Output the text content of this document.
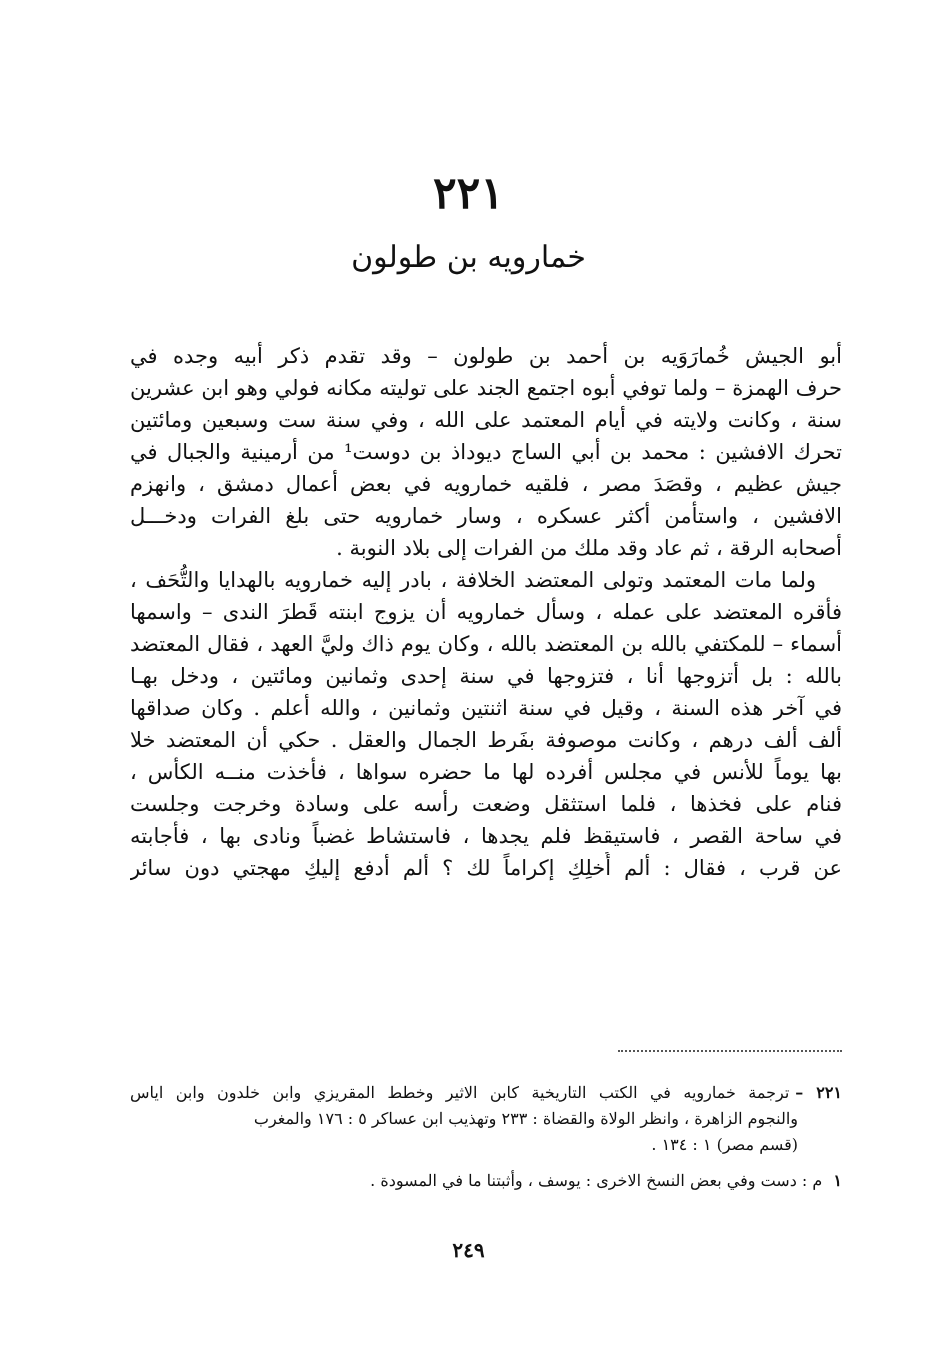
٢٢١
خمارويه بن طولون
أبو الجيش خُمارَوَيه بن أحمد بن طولون – وقد تقدم ذكر أبيه وجده في
حرف الهمزة – ولما توفي أبوه اجتمع الجند على توليته مكانه فولي وهو ابن عشرين
سنة ، وكانت ولايته في أيام المعتمد على الله ، وفي سنة ست وسبعين ومائتين
تحرك الافشين : محمد بن أبي الساج ديوداذ بن دوست¹ من أرمينية والجبال في
جيش عظيم ، وقصَدَ مصر ، فلقيه خمارويه في بعض أعمال دمشق ، وانهزم
الافشين ، واستأمن أكثر عسكره ، وسار خمارويه حتى بلغ الفرات ودخـــل
أصحابه الرقة ، ثم عاد وقد ملك من الفرات إلى بلاد النوبة .
ولما مات المعتمد وتولى المعتضد الخلافة ، بادر إليه خمارويه بالهدايا والتُّحَف ،
فأقره المعتضد على عمله ، وسأل خمارويه أن يزوج ابنته قَطرَ الندى – واسمها
أسماء – للمكتفي بالله بن المعتضد بالله ، وكان يوم ذاك وليَّ العهد ، فقال المعتضد
بالله : بل أتزوجها أنا ، فتزوجها في سنة إحدى وثمانين ومائتين ، ودخل بهـا
في آخر هذه السنة ، وقيل في سنة اثنتين وثمانين ، والله أعلم . وكان صداقها
ألف ألف درهم ، وكانت موصوفة بفَرط الجمال والعقل . حكي أن المعتضد خلا
بها يوماً للأنس في مجلس أفرده لها ما حضره سواها ، فأخذت منــه الكأس ،
فنام على فخذها ، فلما استثقل وضعت رأسه على وسادة وخرجت وجلست
في ساحة القصر ، فاستيقظ فلم يجدها ، فاستشاط غضباً ونادى بها ، فأجابته
عن قرب ، فقال : ألم أُخلِكِ إكراماً لك ؟ ألم أدفع إليكِ مهجتي دون سائر
٢٢١ –ترجمة خمارويه في الكتب التاريخية كابن الاثير وخطط المقريزي وابن خلدون وابن اياس
والنجوم الزاهرة ، وانظر الولاة والقضاة : ٢٣٣ وتهذيب ابن عساكر ٥ : ١٧٦ والمغرب
(قسم مصر) ١ : ١٣٤ .
١ م : دست وفي بعض النسخ الاخرى : يوسف ، وأثبتنا ما في المسودة .
٢٤٩
